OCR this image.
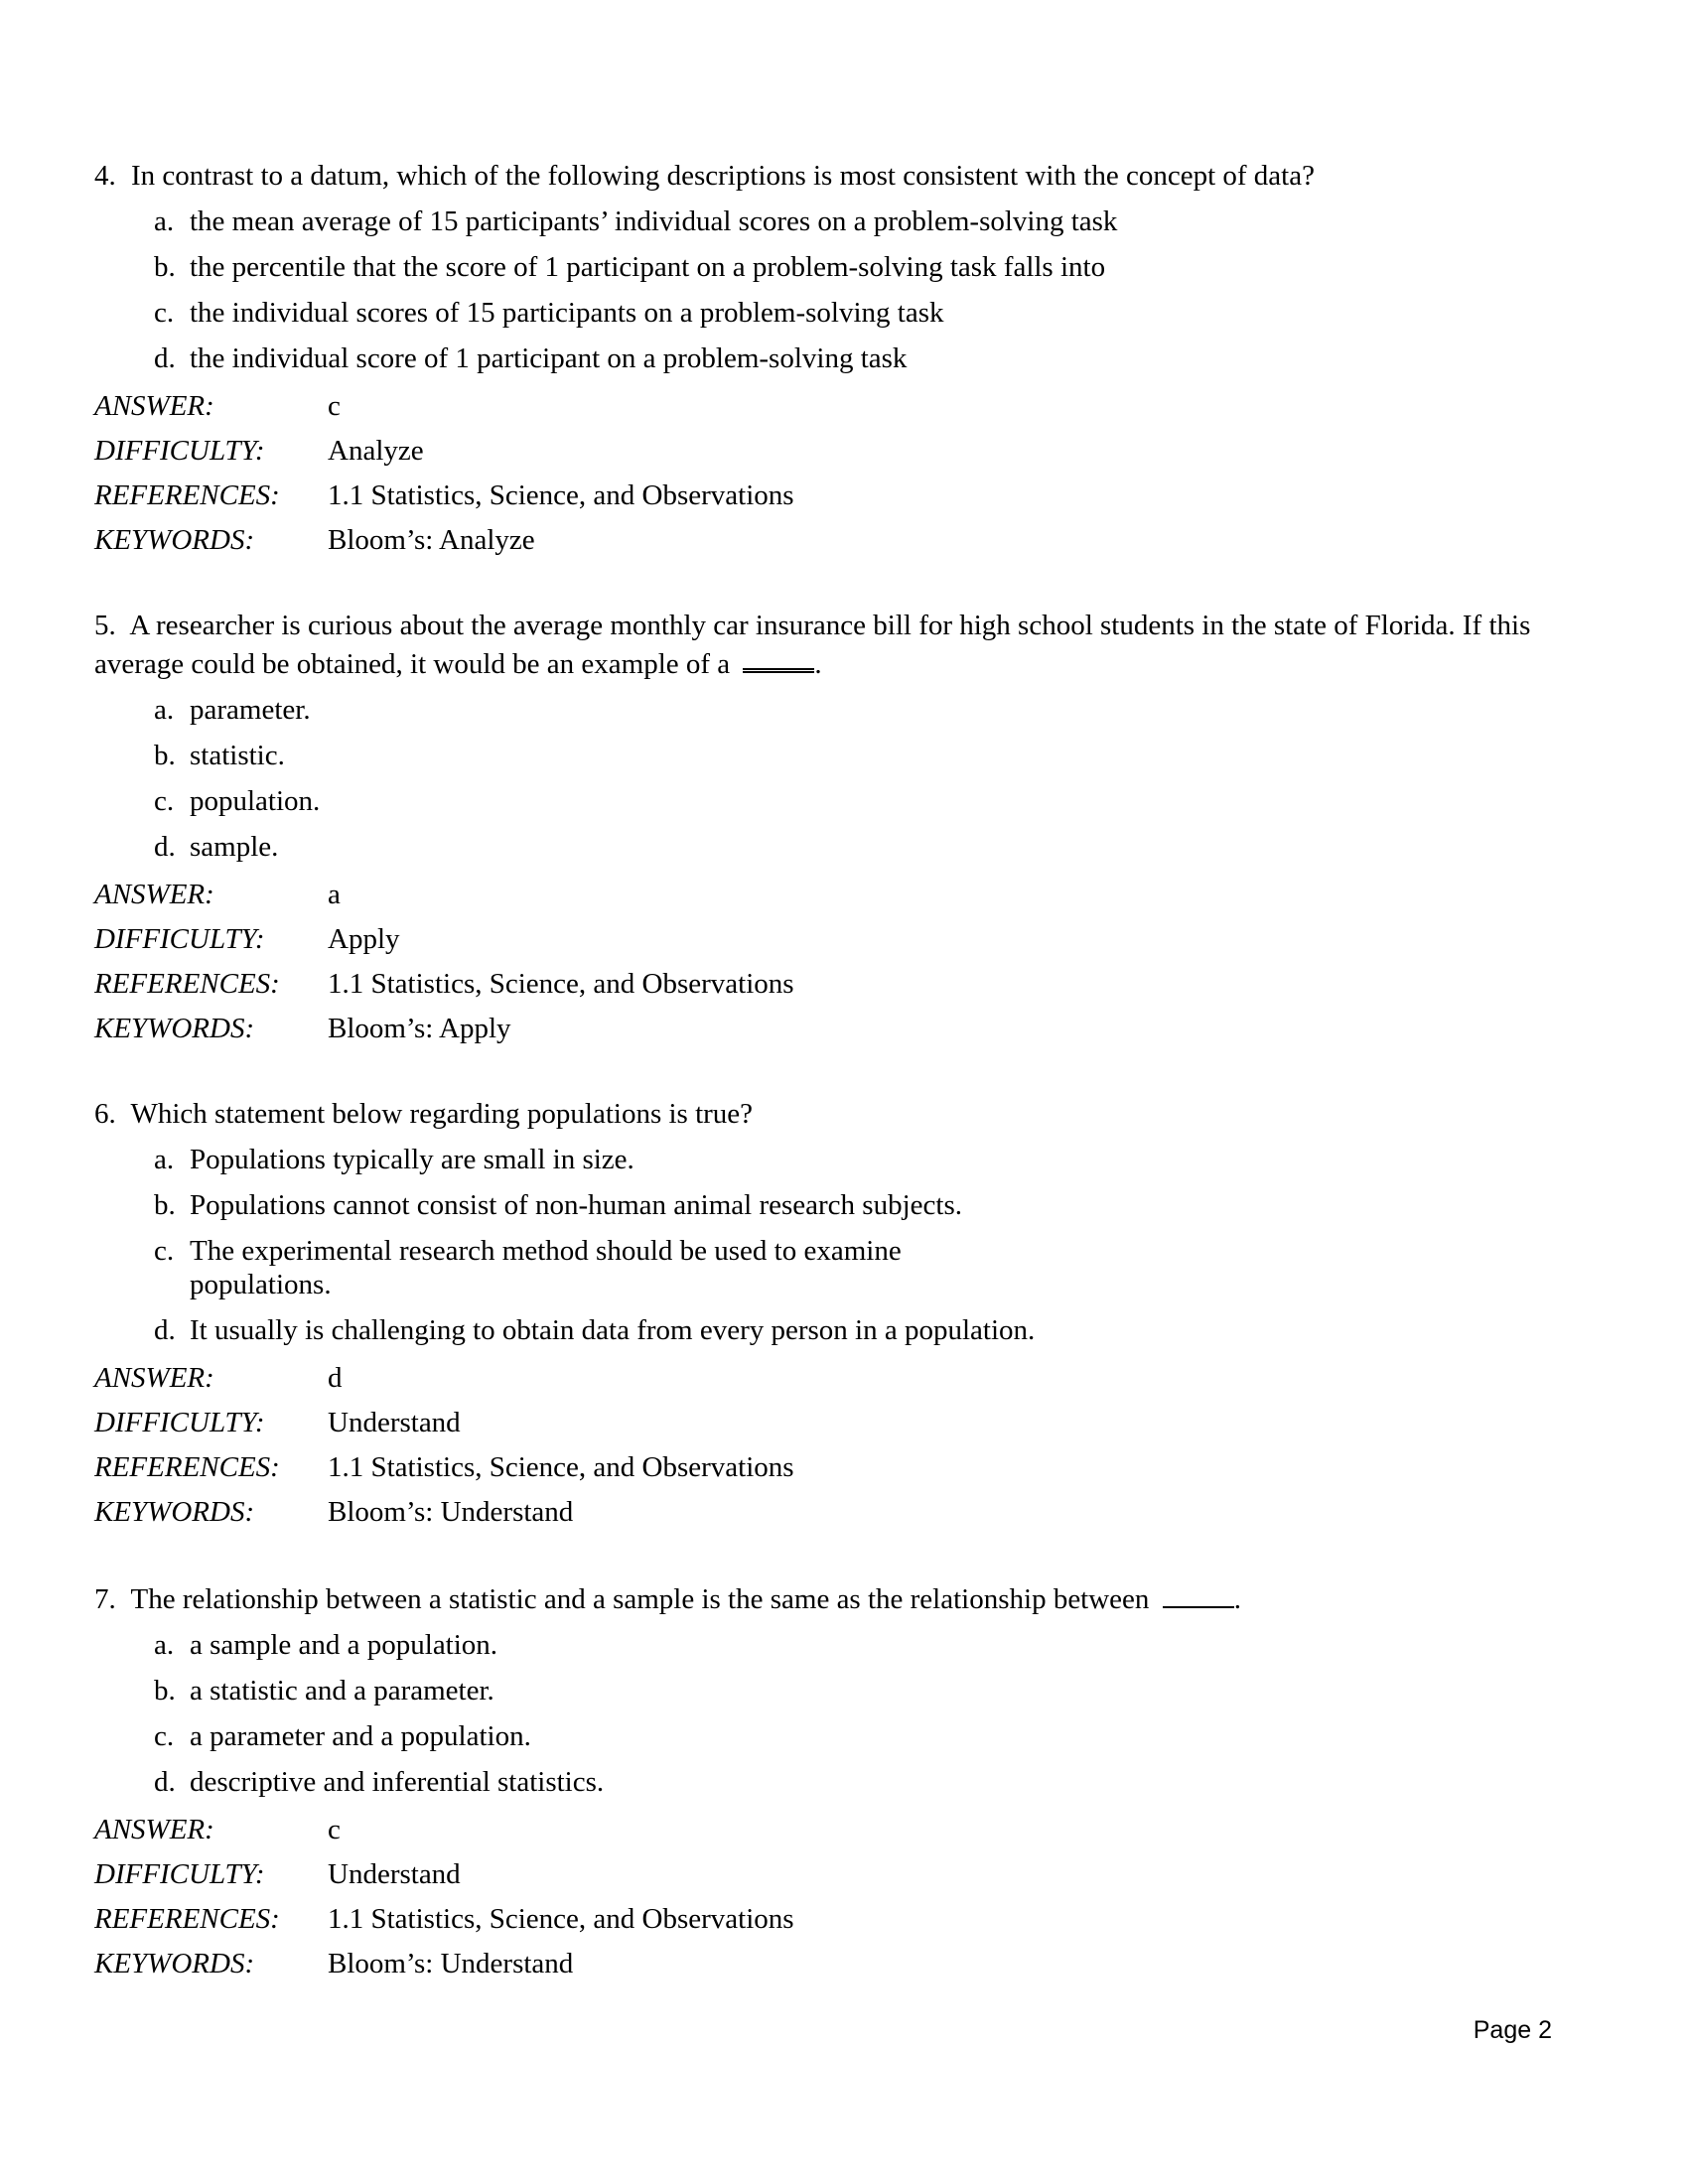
4. In contrast to a datum, which of the following descriptions is most consistent with the concept of data?

a. the mean average of 15 participants’ individual scores on a problem-solving task
b. the percentile that the score of 1 participant on a problem-solving task falls into
c. the individual scores of 15 participants on a problem-solving task
d. the individual score of 1 participant on a problem-solving task
ANSWER:	c
DIFFICULTY:	Analyze
REFERENCES:	1.1 Statistics, Science, and Observations
KEYWORDS:	Bloom’s: Analyze

5. A researcher is curious about the average monthly car insurance bill for high school students in the state of Florida. If this average could be obtained, it would be an example of a	.

a. parameter.
b. statistic.
c. population.
d. sample.
ANSWER:	a
DIFFICULTY:	Apply
REFERENCES:	1.1 Statistics, Science, and Observations
KEYWORDS:	Bloom’s: Apply

6. Which statement below regarding populations is true?

a. Populations typically are small in size.
b. Populations cannot consist of non-human animal research subjects.
c. The experimental research method should be used to examine populations.
d. It usually is challenging to obtain data from every person in a population.
ANSWER:	d
DIFFICULTY:	Understand
REFERENCES:	1.1 Statistics, Science, and Observations
KEYWORDS:	Bloom’s: Understand

7. The relationship between a statistic and a sample is the same as the relationship between	.

a. a sample and a population.
b. a statistic and a parameter.
c. a parameter and a population.
d. descriptive and inferential statistics.
ANSWER:	c
DIFFICULTY:	Understand
REFERENCES:	1.1 Statistics, Science, and Observations
KEYWORDS:	Bloom’s: Understand
Page 2
